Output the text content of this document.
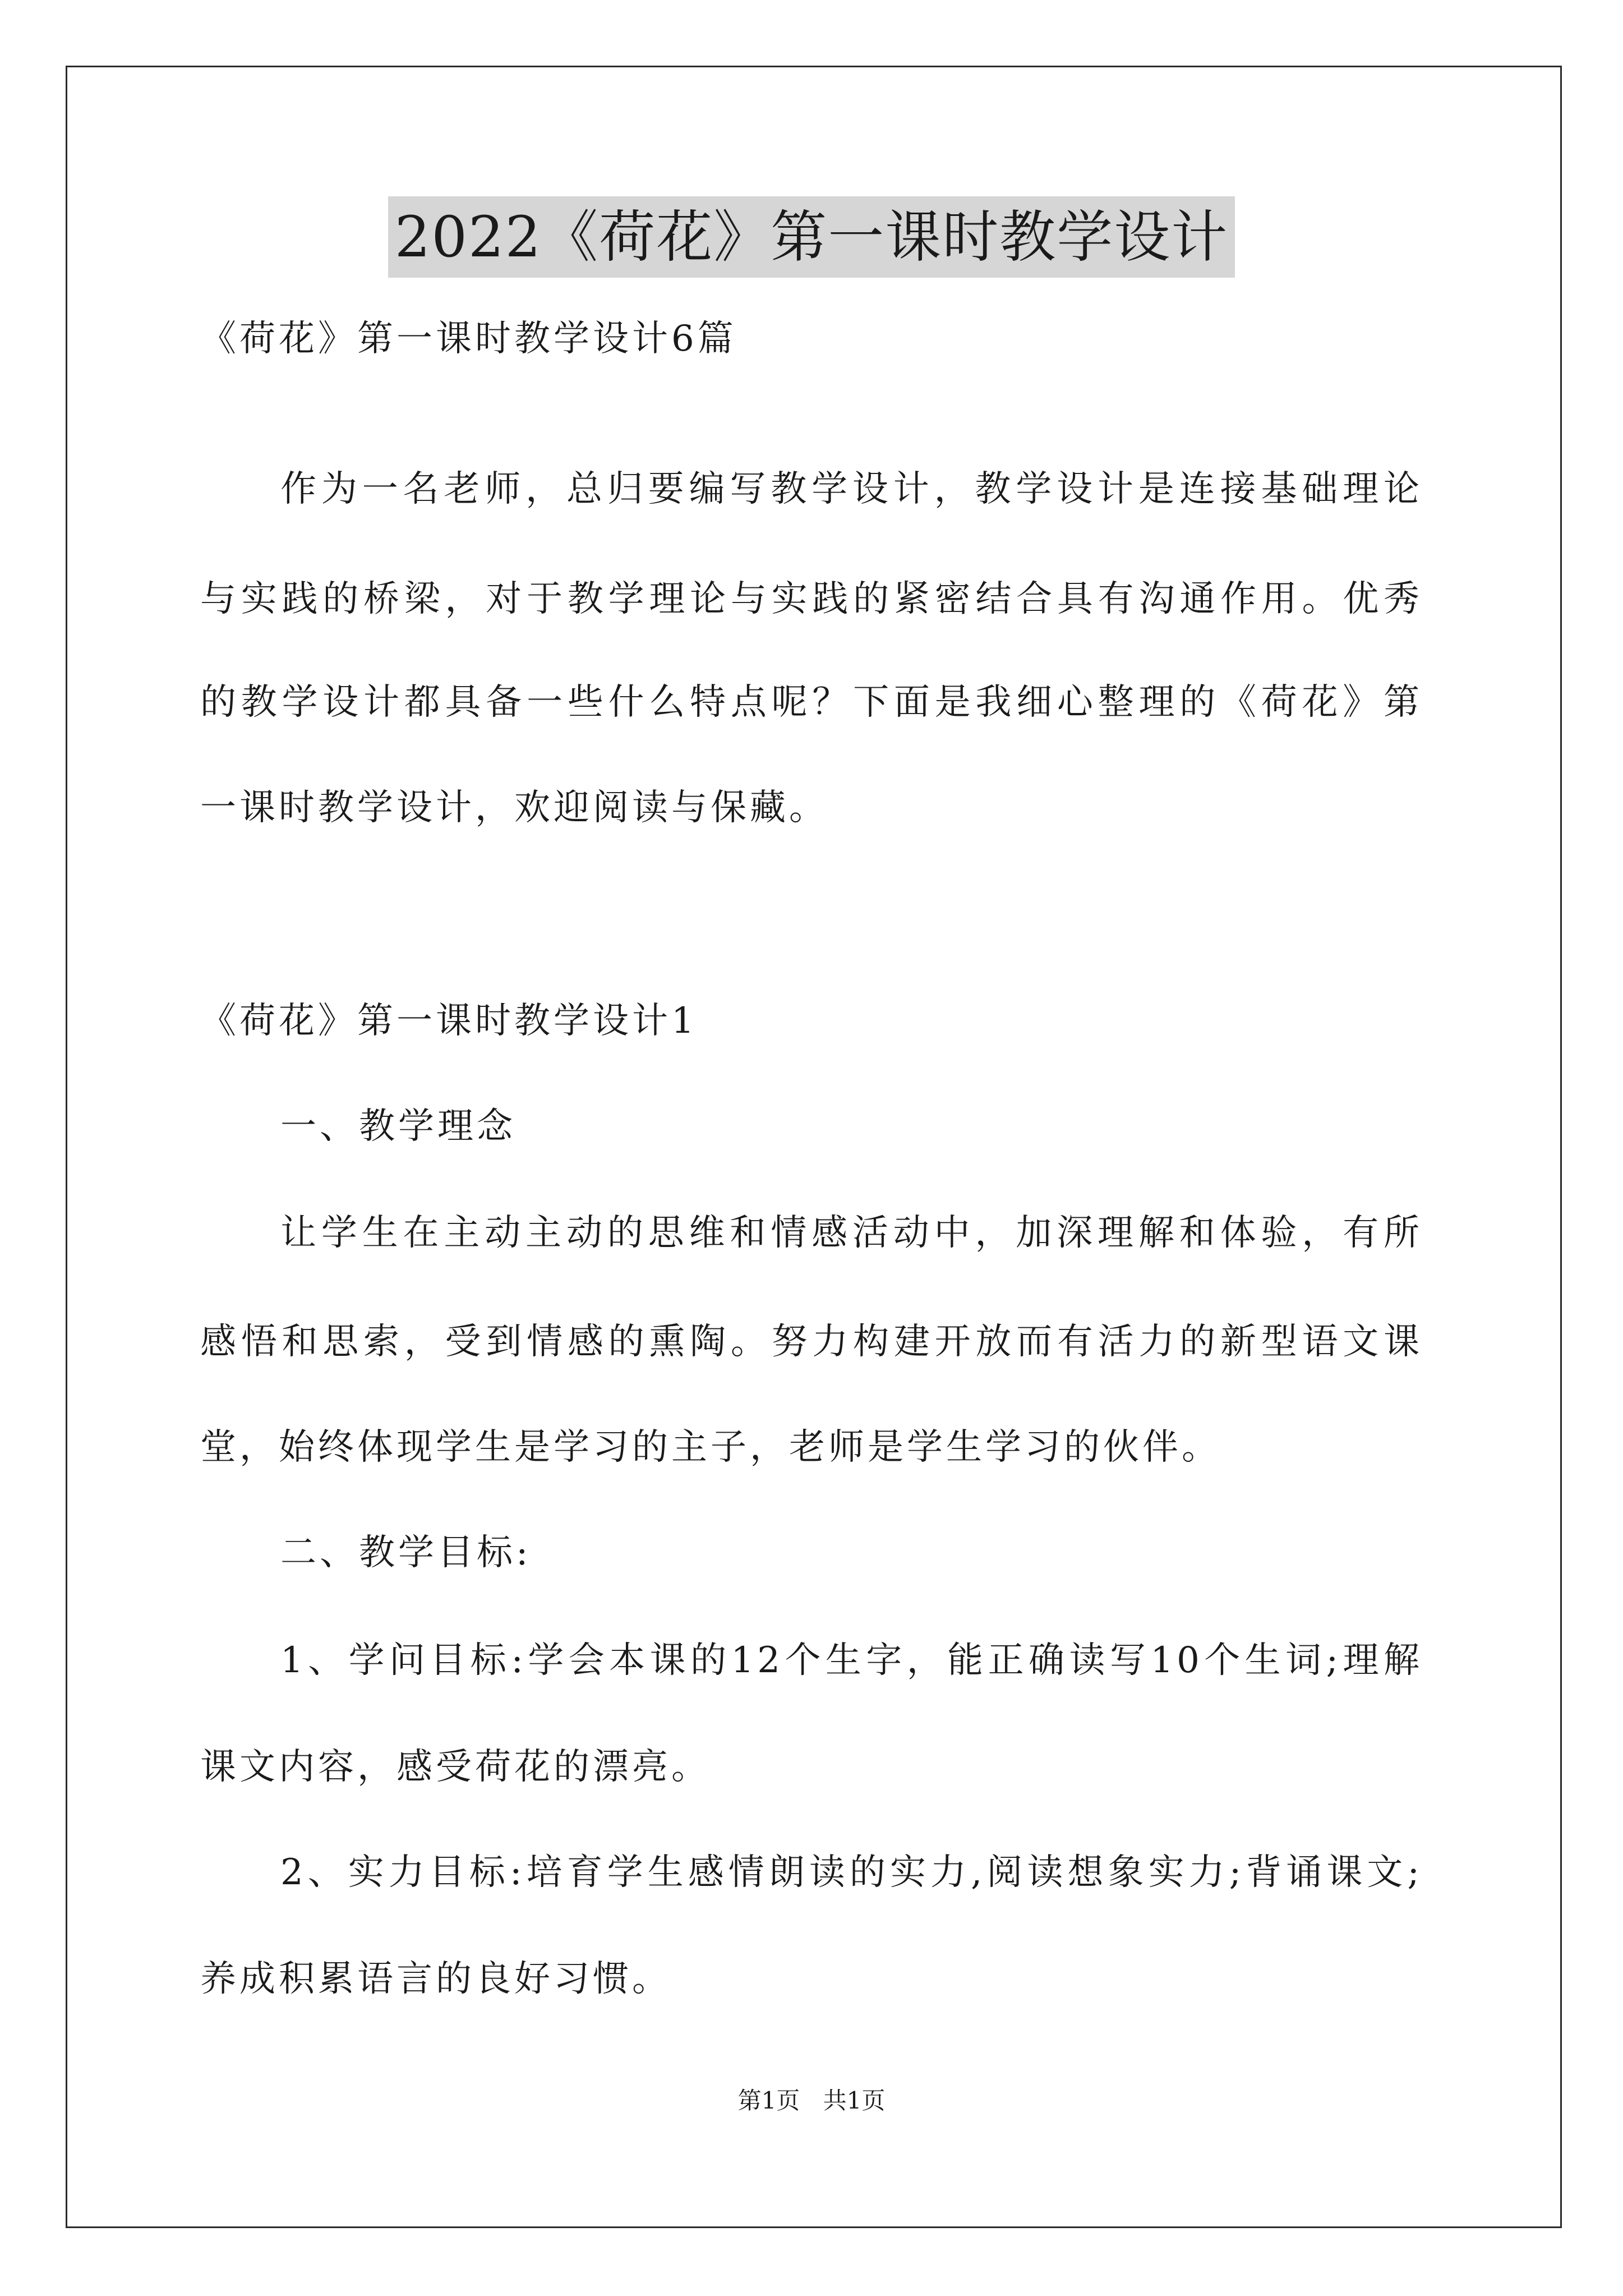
2022《荷花》第一课时教学设计
《荷花》第一课时教学设计6篇
作为一名老师，总归要编写教学设计，教学设计是连接基础理论
与实践的桥梁，对于教学理论与实践的紧密结合具有沟通作用。优秀
的教学设计都具备一些什么特点呢？下面是我细心整理的《荷花》第
一课时教学设计，欢迎阅读与保藏。
《荷花》第一课时教学设计1
一、教学理念
让学生在主动主动的思维和情感活动中，加深理解和体验，有所
感悟和思索，受到情感的熏陶。努力构建开放而有活力的新型语文课
堂，始终体现学生是学习的主子，老师是学生学习的伙伴。
二、教学目标:
1、学问目标:学会本课的12个生字，能正确读写10个生词;理解
课文内容，感受荷花的漂亮。
2、实力目标:培育学生感情朗读的实力,阅读想象实力;背诵课文;
养成积累语言的良好习惯。
第1页 共1页
